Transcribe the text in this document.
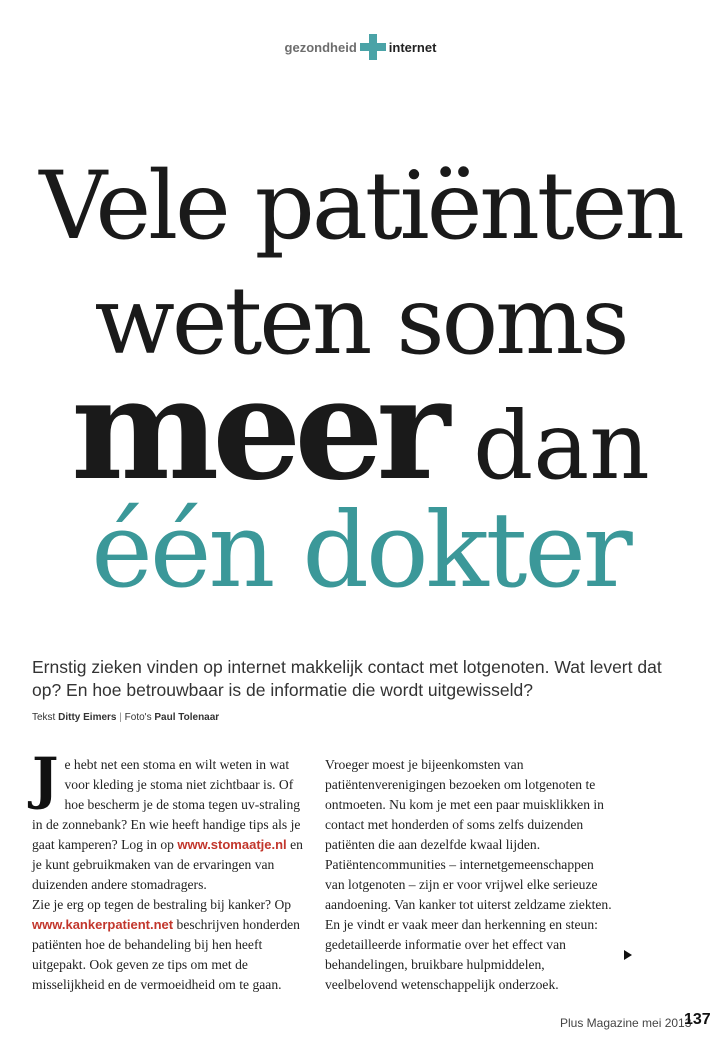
gezondheid internet
Vele patiënten
weten soms
meer dan
één dokter
Ernstig zieken vinden op internet makkelijk contact met lotgenoten. Wat levert dat op? En hoe betrouwbaar is de informatie die wordt uitgewisseld?
Tekst Ditty Eimers | Foto's Paul Tolenaar

Je hebt net een stoma en wilt weten in wat voor kleding je stoma niet zichtbaar is. Of hoe bescherm je de stoma tegen uv-straling in de zonnebank? En wie heeft handige tips als je gaat kamperen? Log in op www.stomaatje.nl en je kunt gebruikmaken van de ervaringen van duizenden andere stomadragers.

Zie je erg op tegen de bestraling bij kanker? Op www.kankerpatient.net beschrijven honderden patiënten hoe de behandeling bij hen heeft uitgepakt. Ook geven ze tips om met de misselijkheid en de vermoeidheid om te gaan.

Vroeger moest je bijeenkomsten van patiëntenverenigingen bezoeken om lotgenoten te ontmoeten. Nu kom je met een paar muisklikken in contact met honderden of soms zelfs duizenden patiënten die aan dezelfde kwaal lijden. Patiëntencommunities – internetgemeenschappen van lotgenoten – zijn er voor vrijwel elke serieuze aandoening. Van kanker tot uiterst zeldzame ziekten. En je vindt er vaak meer dan herkenning en steun: gedetailleerde informatie over het effect van behandelingen, bruikbare hulpmiddelen, veelbelovend wetenschappelijk onderzoek.

Plus Magazine mei 2013
137
